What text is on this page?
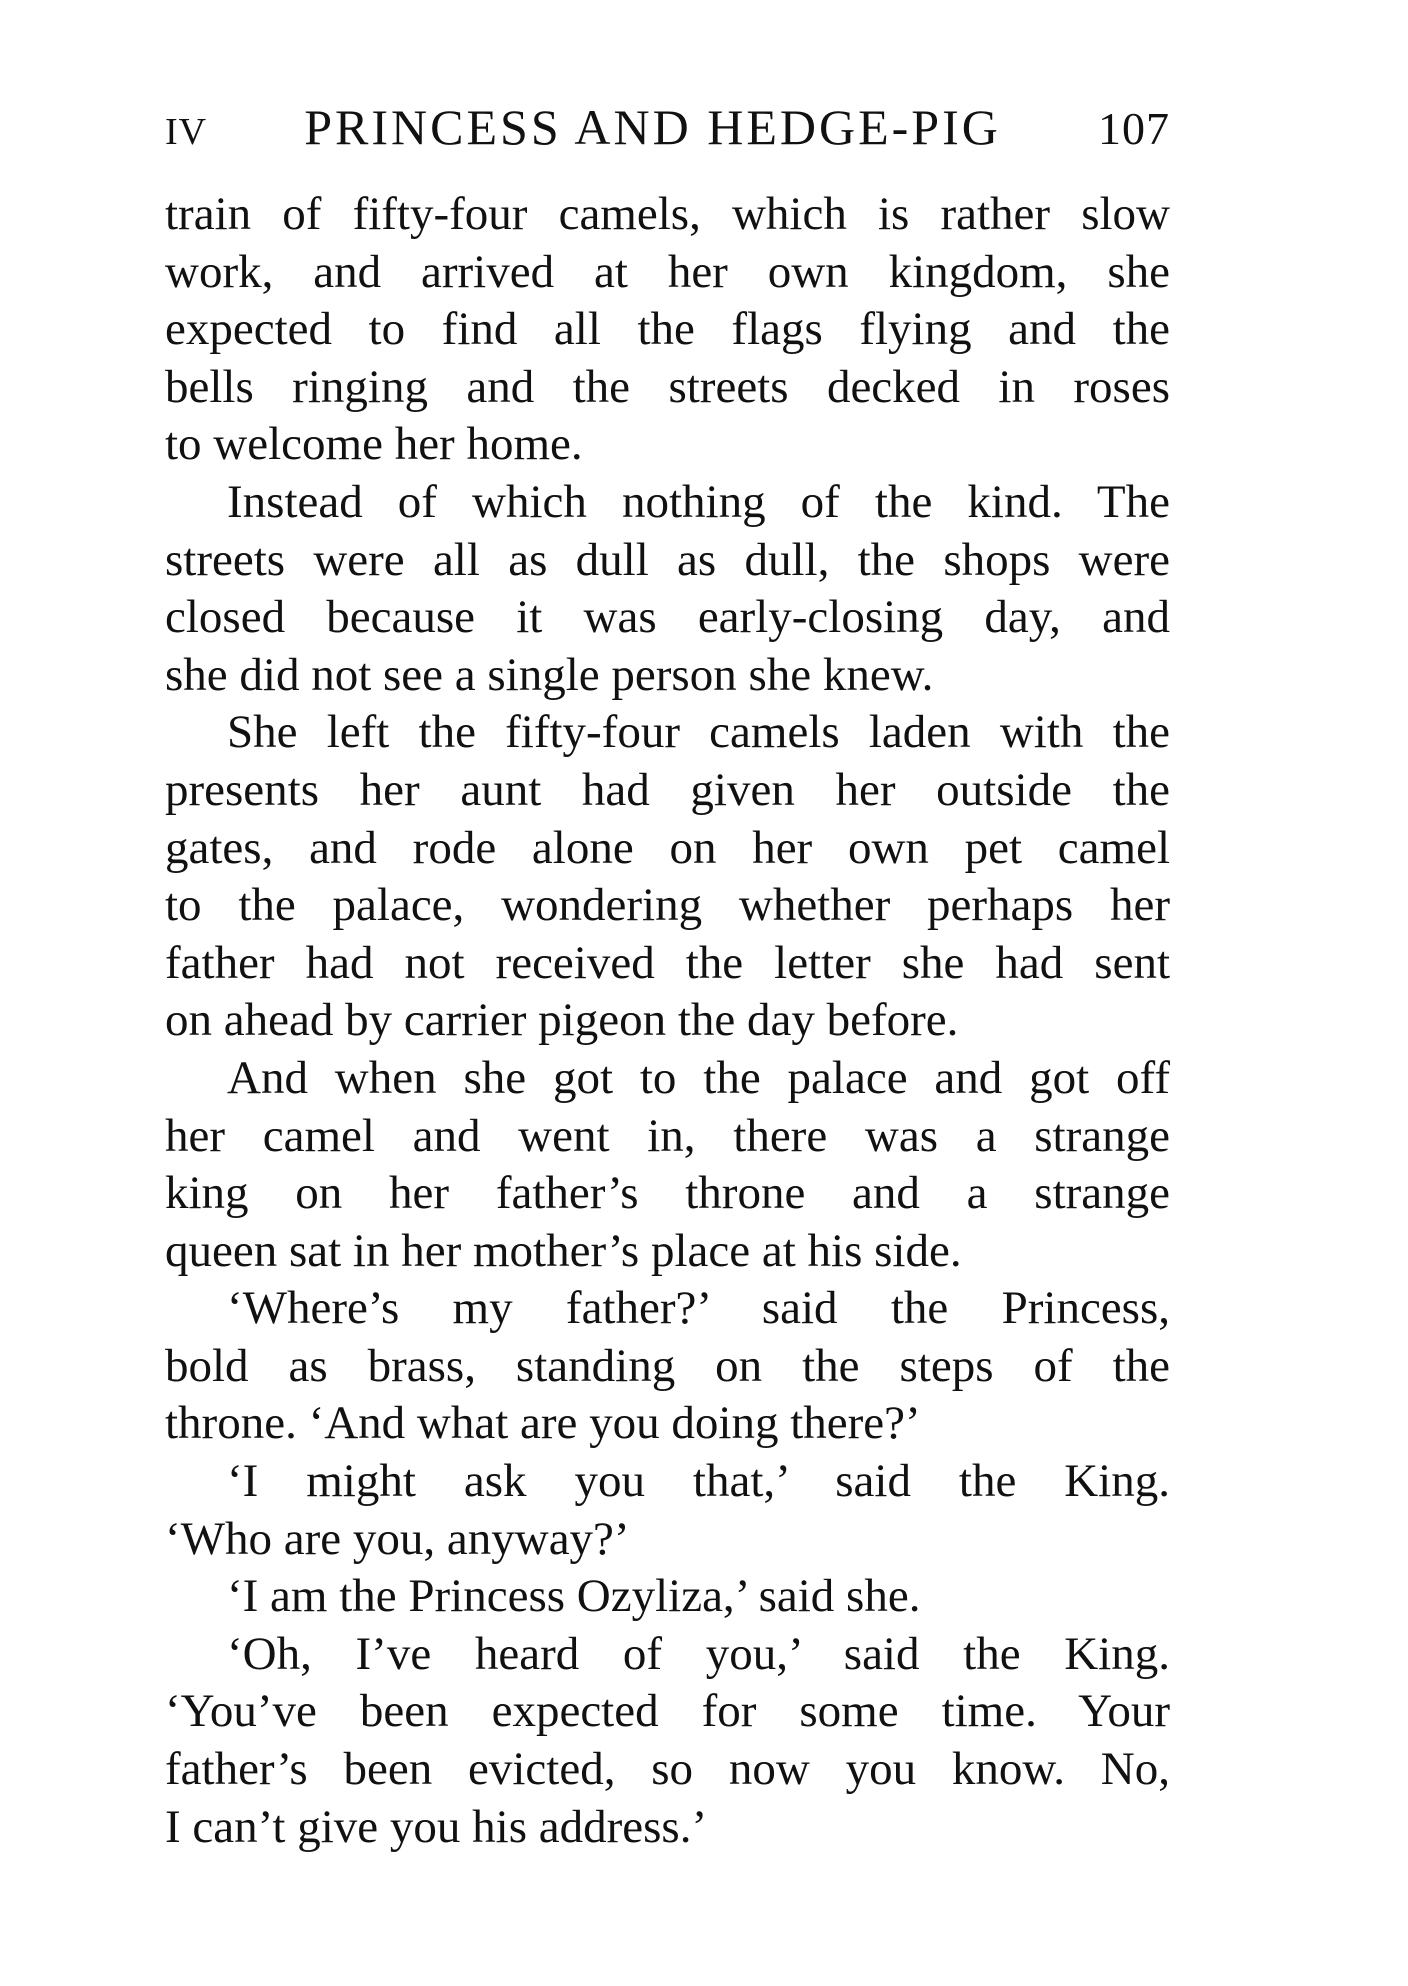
IV PRINCESS AND HEDGE-PIG 107
train of fifty-four camels, which is rather slow
work, and arrived at her own kingdom, she
expected to find all the flags flying and the
bells ringing and the streets decked in roses
to welcome her home.
Instead of which nothing of the kind. The
streets were all as dull as dull, the shops were
closed because it was early-closing day, and
she did not see a single person she knew.
She left the fifty-four camels laden with the
presents her aunt had given her outside the
gates, and rode alone on her own pet camel
to the palace, wondering whether perhaps her
father had not received the letter she had sent
on ahead by carrier pigeon the day before.
And when she got to the palace and got off
her camel and went in, there was a strange
king on her father’s throne and a strange
queen sat in her mother’s place at his side.
‘Where’s my father?’ said the Princess,
bold as brass, standing on the steps of the
throne. ‘And what are you doing there?’
‘I might ask you that,’ said the King.
‘Who are you, anyway?’
‘I am the Princess Ozyliza,’ said she.
‘Oh, I’ve heard of you,’ said the King.
‘You’ve been expected for some time. Your
father’s been evicted, so now you know. No,
I can’t give you his address.’
